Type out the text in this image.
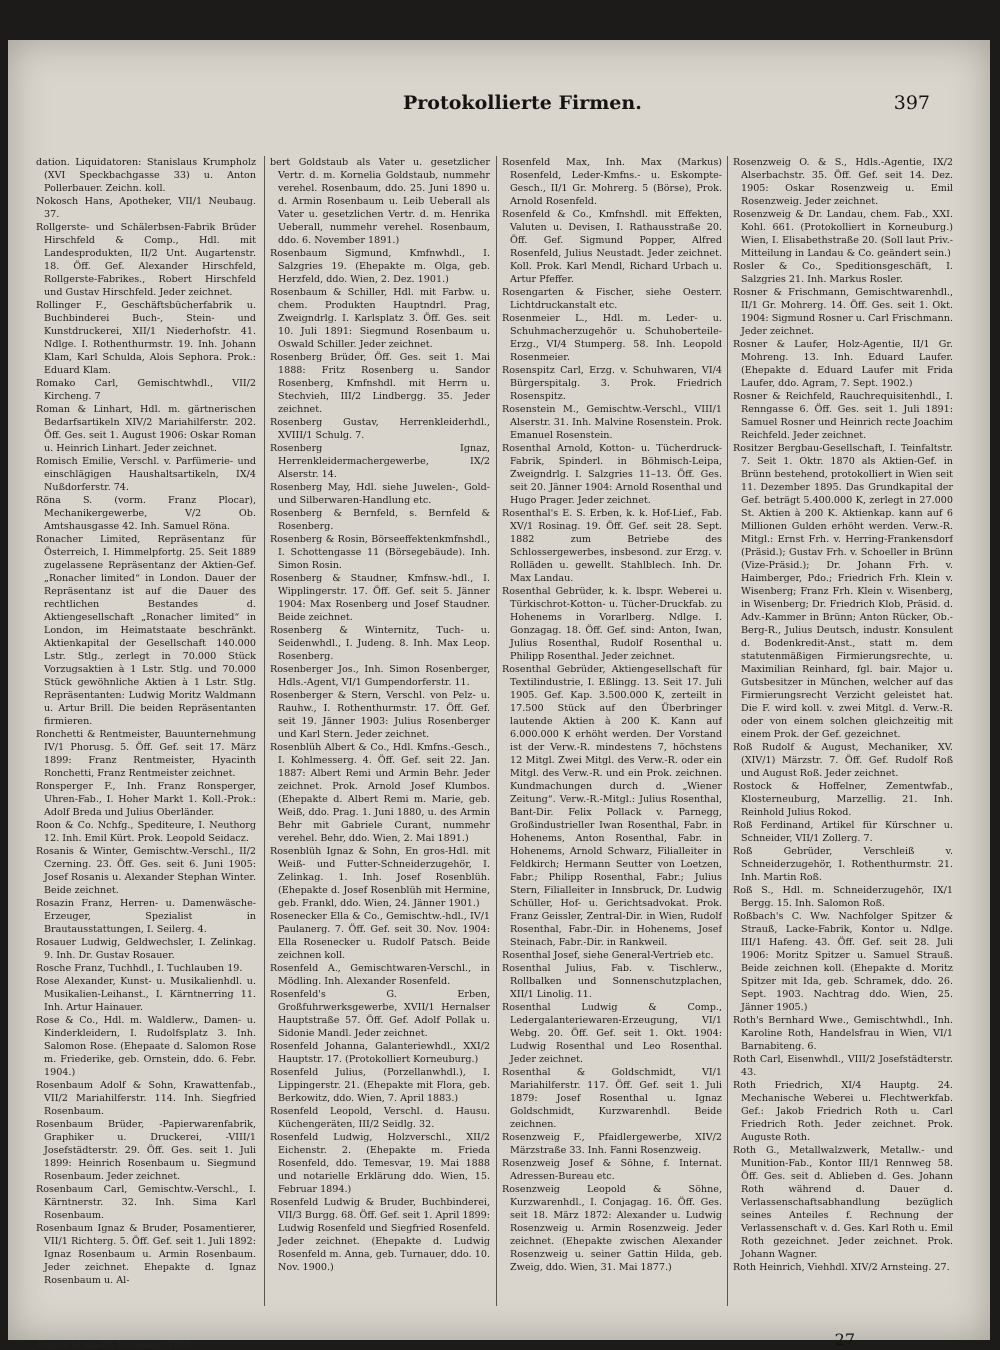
Protokollierte Firmen.	397

dation. Liquidatoren: Stanislaus Krumpholz (XVI Speckbachgasse 33) u. Anton Pollerbauer. Zeichn. koll.

Nokosch Hans, Apotheker, VII/1 Neubaug. 37.

Rollgerste- und Schälerbsen-Fabrik Brüder Hirschfeld & Comp., Hdl. mit Landesprodukten, II/2 Unt. Augartenstr. 18. Öff. Gef. Alexander Hirschfeld, Rollgerste-Fabrikes., Robert Hirschfeld und Gustav Hirschfeld. Jeder zeichnet.

Rollinger F., Geschäftsbücherfabrik u. Buchbinderei Buch-, Stein- und Kunstdruckerei, XII/1 Niederhofstr. 41. Ndlge. I. Rothenthurmstr. 19. Inh. Johann Klam, Karl Schulda, Alois Sephora. Prok.: Eduard Klam.

Romako Carl, Gemischtwhdl., VII/2 Kircheng. 7

Roman & Linhart, Hdl. m. gärtnerischen Bedarfsartikeln XIV/2 Mariahilferstr. 202. Öff. Ges. seit 1. August 1906: Oskar Roman u. Heinrich Linhart. Jeder zeichnet.

Romisch Emilie, Verschl. v. Parfümerie- und einschlägigen Haushaltsartikeln, IX/4 Nußdorferstr. 74.

Röna S. (vorm. Franz Plocar), Mechanikergewerbe, V/2 Ob. Amtshausgasse 42. Inh. Samuel Röna.

Ronacher Limited, Repräsentanz für Österreich, I. Himmelpfortg. 25. Seit 1889 zugelassene Repräsentanz der Aktien-Gef. „Ronacher limited“ in London. Dauer der Repräsentanz ist auf die Dauer des rechtlichen Bestandes d. Aktiengesellschaft „Ronacher limited“ in London, im Heimatstaate beschränkt. Aktienkapital der Gesellschaft 140.000 Lstr. Stlg., zerlegt in 70.000 Stück Vorzugsaktien à 1 Lstr. Stlg. und 70.000 Stück gewöhnliche Aktien à 1 Lstr. Stlg. Repräsentanten: Ludwig Moritz Waldmann u. Artur Brill. Die beiden Repräsentanten firmieren.

Ronchetti & Rentmeister, Bauunternehmung IV/1 Phorusg. 5. Öff. Gef. seit 17. März 1899: Franz Rentmeister, Hyacinth Ronchetti, Franz Rentmeister zeichnet.

Ronsperger F., Inh. Franz Ronsperger, Uhren-Fab., I. Hoher Markt 1. Koll.-Prok.: Adolf Breda und Julius Oberländer.

Roon & Co. Nchfg., Spediteure, I. Neuthorg 12. Inh. Emil Kürt. Prok. Leopold Seidacz.

Rosanis & Winter, Gemischtw.-Verschl., II/2 Czerning. 23. Öff. Ges. seit 6. Juni 1905: Josef Rosanis u. Alexander Stephan Winter. Beide zeichnet.

Rosazin Franz, Herren- u. Damenwäsche-Erzeuger, Spezialist in Brautausstattungen, I. Seilerg. 4.

Rosauer Ludwig, Geldwechsler, I. Zelinkag. 9. Inh. Dr. Gustav Rosauer.

Rosche Franz, Tuchhdl., I. Tuchlauben 19.

Rose Alexander, Kunst- u. Musikalienhdl. u. Musikalien-Leihanst., I. Kärntnerring 11. Inh. Artur Hainauer.

Rose & Co., Hdl. m. Waldlerw., Damen- u. Kinderkleidern, I. Rudolfsplatz 3. Inh. Salomon Rose. (Ehepaate d. Salomon Rose m. Friederike, geb. Ornstein, ddo. 6. Febr. 1904.)

Rosenbaum Adolf & Sohn, Krawattenfab., VII/2 Mariahilferstr. 114. Inh. Siegfried Rosenbaum.

Rosenbaum Brüder, -Papierwarenfabrik, Graphiker u. Druckerei, -VIII/1 Josefstädterstr. 29. Öff. Ges. seit 1. Juli 1899: Heinrich Rosenbaum u. Siegmund Rosenbaum. Jeder zeichnet.

Rosenbaum Carl, Gemischtw.-Verschl., I. Kärntnerstr. 32. Inh. Sima Karl Rosenbaum.

Rosenbaum Ignaz & Bruder, Posamentierer, VII/1 Richterg. 5. Öff. Gef. seit 1. Juli 1892: Ignaz Rosenbaum u. Armin Rosenbaum. Jeder zeichnet. Ehepakte d. Ignaz Rosenbaum u. Al-

bert Goldstaub als Vater u. gesetzlicher Vertr. d. m. Kornelia Goldstaub, nummehr verehel. Rosenbaum, ddo. 25. Juni 1890 u. d. Armin Rosenbaum u. Leib Ueberall als Vater u. gesetzlichen Vertr. d. m. Henrika Ueberall, nummehr verehel. Rosenbaum, ddo. 6. November 1891.)

Rosenbaum Sigmund, Kmfnwhdl., I. Salzgries 19. (Ehepakte m. Olga, geb. Herzfeld, ddo. Wien, 2. Dez. 1901.)

Rosenbaum & Schiller, Hdl. mit Farbw. u. chem. Produkten Hauptndrl. Prag, Zweigndrlg. I. Karlsplatz 3. Öff. Ges. seit 10. Juli 1891: Siegmund Rosenbaum u. Oswald Schiller. Jeder zeichnet.

Rosenberg Brüder, Öff. Ges. seit 1. Mai 1888: Fritz Rosenberg u. Sandor Rosenberg, Kmfnshdl. mit Herrn u. Stechvieh, III/2 Lindbergg. 35. Jeder zeichnet.

Rosenberg Gustav, Herrenkleiderhdl., XVIII/1 Schulg. 7.

Rosenberg Ignaz, Herrenkleidermachergewerbe, IX/2 Alserstr. 14.

Rosenberg May, Hdl. siehe Juwelen-, Gold- und Silberwaren-Handlung etc.

Rosenberg & Bernfeld, s. Bernfeld & Rosenberg.

Rosenberg & Rosin, Börseeffektenkmfnshdl., I. Schottengasse 11 (Börsegebäude). Inh. Simon Rosin.

Rosenberg & Staudner, Kmfnsw.-hdl., I. Wipplingerstr. 17. Öff. Gef. seit 5. Jänner 1904: Max Rosenberg und Josef Staudner. Beide zeichnet.

Rosenberg & Winternitz, Tuch- u. Seidenwhdl., I. Judeng. 8. Inh. Max Leop. Rosenberg.

Rosenberger Jos., Inh. Simon Rosenberger, Hdls.-Agent, VI/1 Gumpendorferstr. 11.

Rosenberger & Stern, Verschl. von Pelz- u. Rauhw., I. Rothenthurmstr. 17. Öff. Gef. seit 19. Jänner 1903: Julius Rosenberger und Karl Stern. Jeder zeichnet.

Rosenblüh Albert & Co., Hdl. Kmfns.-Gesch., I. Kohlmesserg. 4. Öff. Gef. seit 22. Jan. 1887: Albert Remi und Armin Behr. Jeder zeichnet. Prok. Arnold Josef Klumbos. (Ehepakte d. Albert Remi m. Marie, geb. Weiß, ddo. Prag. 1. Juni 1880, u. des Armin Behr mit Gabriele Curant, nummehr verehel. Behr, ddo. Wien, 2. Mai 1891.)

Rosenblüh Ignaz & Sohn, En gros-Hdl. mit Weiß- und Futter-Schneiderzugehör, I. Zelinkag. 1. Inh. Josef Rosenblüh. (Ehepakte d. Josef Rosenblüh mit Hermine, geb. Frankl, ddo. Wien, 24. Jänner 1901.)

Rosenecker Ella & Co., Gemischtw.-hdl., IV/1 Paulanerg. 7. Öff. Gef. seit 30. Nov. 1904: Ella Rosenecker u. Rudolf Patsch. Beide zeichnen koll.

Rosenfeld A., Gemischtwaren-Verschl., in Mödling. Inh. Alexander Rosenfeld.

Rosenfeld's G. Erben, Großfuhrwerksgewerbe, XVII/1 Hernalser Hauptstraße 57. Öff. Gef. Adolf Pollak u. Sidonie Mandl. Jeder zeichnet.

Rosenfeld Johanna, Galanteriewhdl., XXI/2 Hauptstr. 17. (Protokolliert Korneuburg.)

Rosenfeld Julius, (Porzellanwhdl.), I. Lippingerstr. 21. (Ehepakte mit Flora, geb. Berkowitz, ddo. Wien, 7. April 1883.)

Rosenfeld Leopold, Verschl. d. Hausu. Küchengeräten, III/2 Seidlg. 32.

Rosenfeld Ludwig, Holzverschl., XII/2 Eichenstr. 2. (Ehepakte m. Frieda Rosenfeld, ddo. Temesvar, 19. Mai 1888 und notarielle Erklärung ddo. Wien, 15. Februar 1894.)

Rosenfeld Ludwig & Bruder, Buchbinderei, VII/3 Burgg. 68. Öff. Gef. seit 1. April 1899: Ludwig Rosenfeld und Siegfried Rosenfeld. Jeder zeichnet. (Ehepakte d. Ludwig Rosenfeld m. Anna, geb. Turnauer, ddo. 10. Nov. 1900.)

Rosenfeld Max, Inh. Max (Markus) Rosenfeld, Leder-Kmfns.- u. Eskompte-Gesch., II/1 Gr. Mohrerg. 5 (Börse), Prok. Arnold Rosenfeld.

Rosenfeld & Co., Kmfnshdl. mit Effekten, Valuten u. Devisen, I. Rathausstraße 20. Öff. Gef. Sigmund Popper, Alfred Rosenfeld, Julius Neustadt. Jeder zeichnet. Koll. Prok. Karl Mendl, Richard Urbach u. Artur Pfeffer.

Rosengarten & Fischer, siehe Oesterr. Lichtdruckanstalt etc.

Rosenmeier L., Hdl. m. Leder- u. Schuhmacherzugehör u. Schuhoberteile-Erzg., VI/4 Stumperg. 58. Inh. Leopold Rosenmeier.

Rosenspitz Carl, Erzg. v. Schuhwaren, VI/4 Bürgerspitalg. 3. Prok. Friedrich Rosenspitz.

Rosenstein M., Gemischtw.-Verschl., VIII/1 Alserstr. 31. Inh. Malvine Rosenstein. Prok. Emanuel Rosenstein.

Rosenthal Arnold, Kotton- u. Tücherdruck-Fabrik, Spinderl. in Böhmisch-Leipa, Zweigndrlg. I. Salzgries 11–13. Öff. Ges. seit 20. Jänner 1904: Arnold Rosenthal und Hugo Prager. Jeder zeichnet.

Rosenthal's E. S. Erben, k. k. Hof-Lief., Fab. XV/1 Rosinag. 19. Öff. Gef. seit 28. Sept. 1882 zum Betriebe des Schlossergewerbes, insbesond. zur Erzg. v. Rolläden u. gewellt. Stahlblech. Inh. Dr. Max Landau.

Rosenthal Gebrüder, k. k. lbspr. Weberei u. Türkischrot-Kotton- u. Tücher-Druckfab. zu Hohenems in Vorarlberg. Ndlge. I. Gonzagag. 18. Öff. Gef. sind: Anton, Iwan, Julius Rosenthal, Rudolf Rosenthal u. Philipp Rosenthal. Jeder zeichnet.

Rosenthal Gebrüder, Aktiengesellschaft für Textilindustrie, I. Eßlingg. 13. Seit 17. Juli 1905. Gef. Kap. 3.500.000 K, zerteilt in 17.500 Stück auf den Überbringer lautende Aktien à 200 K. Kann auf 6.000.000 K erhöht werden. Der Vorstand ist der Verw.-R. mindestens 7, höchstens 12 Mitgl. Zwei Mitgl. des Verw.-R. oder ein Mitgl. des Verw.-R. und ein Prok. zeichnen. Kundmachungen durch d. „Wiener Zeitung“. Verw.-R.-Mitgl.: Julius Rosenthal, Bant-Dir. Felix Pollack v. Parnegg, Großindustrieller Iwan Rosenthal, Fabr. in Hohenems, Anton Rosenthal, Fabr. in Hohenems, Arnold Schwarz, Filialleiter in Feldkirch; Hermann Seutter von Loetzen, Fabr.; Philipp Rosenthal, Fabr.; Julius Stern, Filialleiter in Innsbruck, Dr. Ludwig Schüller, Hof- u. Gerichtsadvokat. Prok. Franz Geissler, Zentral-Dir. in Wien, Rudolf Rosenthal, Fabr.-Dir. in Hohenems, Josef Steinach, Fabr.-Dir. in Rankweil.

Rosenthal Josef, siehe General-Vertrieb etc.

Rosenthal Julius, Fab. v. Tischlerw., Rollbalken und Sonnenschutzplachen, XII/1 Linolig. 11.

Rosenthal Ludwig & Comp., Ledergalanteriewaren-Erzeugung, VI/1 Webg. 20. Öff. Gef. seit 1. Okt. 1904: Ludwig Rosenthal und Leo Rosenthal. Jeder zeichnet.

Rosenthal & Goldschmidt, VI/1 Mariahilferstr. 117. Öff. Gef. seit 1. Juli 1879: Josef Rosenthal u. Ignaz Goldschmidt, Kurzwarenhdl. Beide zeichnen.

Rosenzweig F., Pfaidlergewerbe, XIV/2 Märzstraße 33. Inh. Fanni Rosenzweig.

Rosenzweig Josef & Söhne, f. Internat. Adressen-Bureau etc.

Rosenzweig Leopold & Söhne, Kurzwarenhdl., I. Conjagag. 16. Öff. Ges. seit 18. März 1872: Alexander u. Ludwig Rosenzweig u. Armin Rosenzweig. Jeder zeichnet. (Ehepakte zwischen Alexander Rosenzweig u. seiner Gattin Hilda, geb. Zweig, ddo. Wien, 31. Mai 1877.)

Rosenzweig O. & S., Hdls.-Agentie, IX/2 Alserbachstr. 35. Öff. Gef. seit 14. Dez. 1905: Oskar Rosenzweig u. Emil Rosenzweig. Jeder zeichnet.

Rosenzweig & Dr. Landau, chem. Fab., XXI. Kohl. 661. (Protokolliert in Korneuburg.) Wien, I. Elisabethstraße 20. (Soll laut Priv.-Mitteilung in Landau & Co. geändert sein.)

Rosler & Co., Speditionsgeschäft, I. Salzgries 21. Inh. Markus Rosler.

Rosner & Frischmann, Gemischtwarenhdl., II/1 Gr. Mohrerg. 14. Öff. Ges. seit 1. Okt. 1904: Sigmund Rosner u. Carl Frischmann. Jeder zeichnet.

Rosner & Laufer, Holz-Agentie, II/1 Gr. Mohreng. 13. Inh. Eduard Laufer. (Ehepakte d. Eduard Laufer mit Frida Laufer, ddo. Agram, 7. Sept. 1902.)

Rosner & Reichfeld, Rauchrequisitenhdl., I. Renngasse 6. Öff. Ges. seit 1. Juli 1891: Samuel Rosner und Heinrich recte Joachim Reichfeld. Jeder zeichnet.

Rositzer Bergbau-Gesellschaft, I. Teinfaltstr. 7. Seit 1. Oktr. 1870 als Aktien-Gef. in Brünn bestehend, protokolliert in Wien seit 11. Dezember 1895. Das Grundkapital der Gef. beträgt 5.400.000 K, zerlegt in 27.000 St. Aktien à 200 K. Aktienkap. kann auf 6 Millionen Gulden erhöht werden. Verw.-R. Mitgl.: Ernst Frh. v. Herring-Frankensdorf (Präsid.); Gustav Frh. v. Schoeller in Brünn (Vize-Präsid.); Dr. Johann Frh. v. Haimberger, Pdo.; Friedrich Frh. Klein v. Wisenberg; Franz Frh. Klein v. Wisenberg, in Wisenberg; Dr. Friedrich Klob, Präsid. d. Adv.-Kammer in Brünn; Anton Rücker, Ob.-Berg-R., Julius Deutsch, industr. Konsulent d. Bodenkredit-Anst., statt m. dem statutenmäßigen Firmierungsrechte, u. Maximilian Reinhard, fgl. bair. Major u. Gutsbesitzer in München, welcher auf das Firmierungsrecht Verzicht geleistet hat. Die F. wird koll. v. zwei Mitgl. d. Verw.-R. oder von einem solchen gleichzeitig mit einem Prok. der Gef. gezeichnet.

Roß Rudolf & August, Mechaniker, XV. (XIV/1) Märzstr. 7. Öff. Gef. Rudolf Roß und August Roß. Jeder zeichnet.

Rostock & Hoffelner, Zementwfab., Klosterneuburg, Marzellig. 21. Inh. Reinhold Julius Rokod.

Roß Ferdinand, Artikel für Kürschner u. Schneider, VII/1 Zollerg. 7.

Roß Gebrüder, Verschleiß v. Schneiderzugehör, I. Rothenthurmstr. 21. Inh. Martin Roß.

Roß S., Hdl. m. Schneiderzugehör, IX/1 Bergg. 15. Inh. Salomon Roß.

Roßbach's C. Ww. Nachfolger Spitzer & Strauß, Lacke-Fabrik, Kontor u. Ndlge. III/1 Hafeng. 43. Öff. Gef. seit 28. Juli 1906: Moritz Spitzer u. Samuel Strauß. Beide zeichnen koll. (Ehepakte d. Moritz Spitzer mit Ida, geb. Schramek, ddo. 26. Sept. 1903. Nachtrag ddo. Wien, 25. Jänner 1905.)

Roth's Bernhard Wwe., Gemischtwhdl., Inh. Karoline Roth, Handelsfrau in Wien, VI/1 Barnabiteng. 6.

Roth Carl, Eisenwhdl., VIII/2 Josefstädterstr. 43.

Roth Friedrich, XI/4 Hauptg. 24. Mechanische Weberei u. Flechtwerkfab. Gef.: Jakob Friedrich Roth u. Carl Friedrich Roth. Jeder zeichnet. Prok. Auguste Roth.

Roth G., Metallwalzwerk, Metallw.- und Munition-Fab., Kontor III/1 Rennweg 58. Öff. Ges. seit d. Ablieben d. Ges. Johann Roth während d. Dauer d. Verlassenschaftsabhandlung bezüglich seines Anteiles f. Rechnung der Verlassenschaft v. d. Ges. Karl Roth u. Emil Roth gezeichnet. Jeder zeichnet. Prok. Johann Wagner.

Roth Heinrich, Viehhdl. XIV/2 Arnsteing. 27.

Gedruckt am 29. November 1906.	27
